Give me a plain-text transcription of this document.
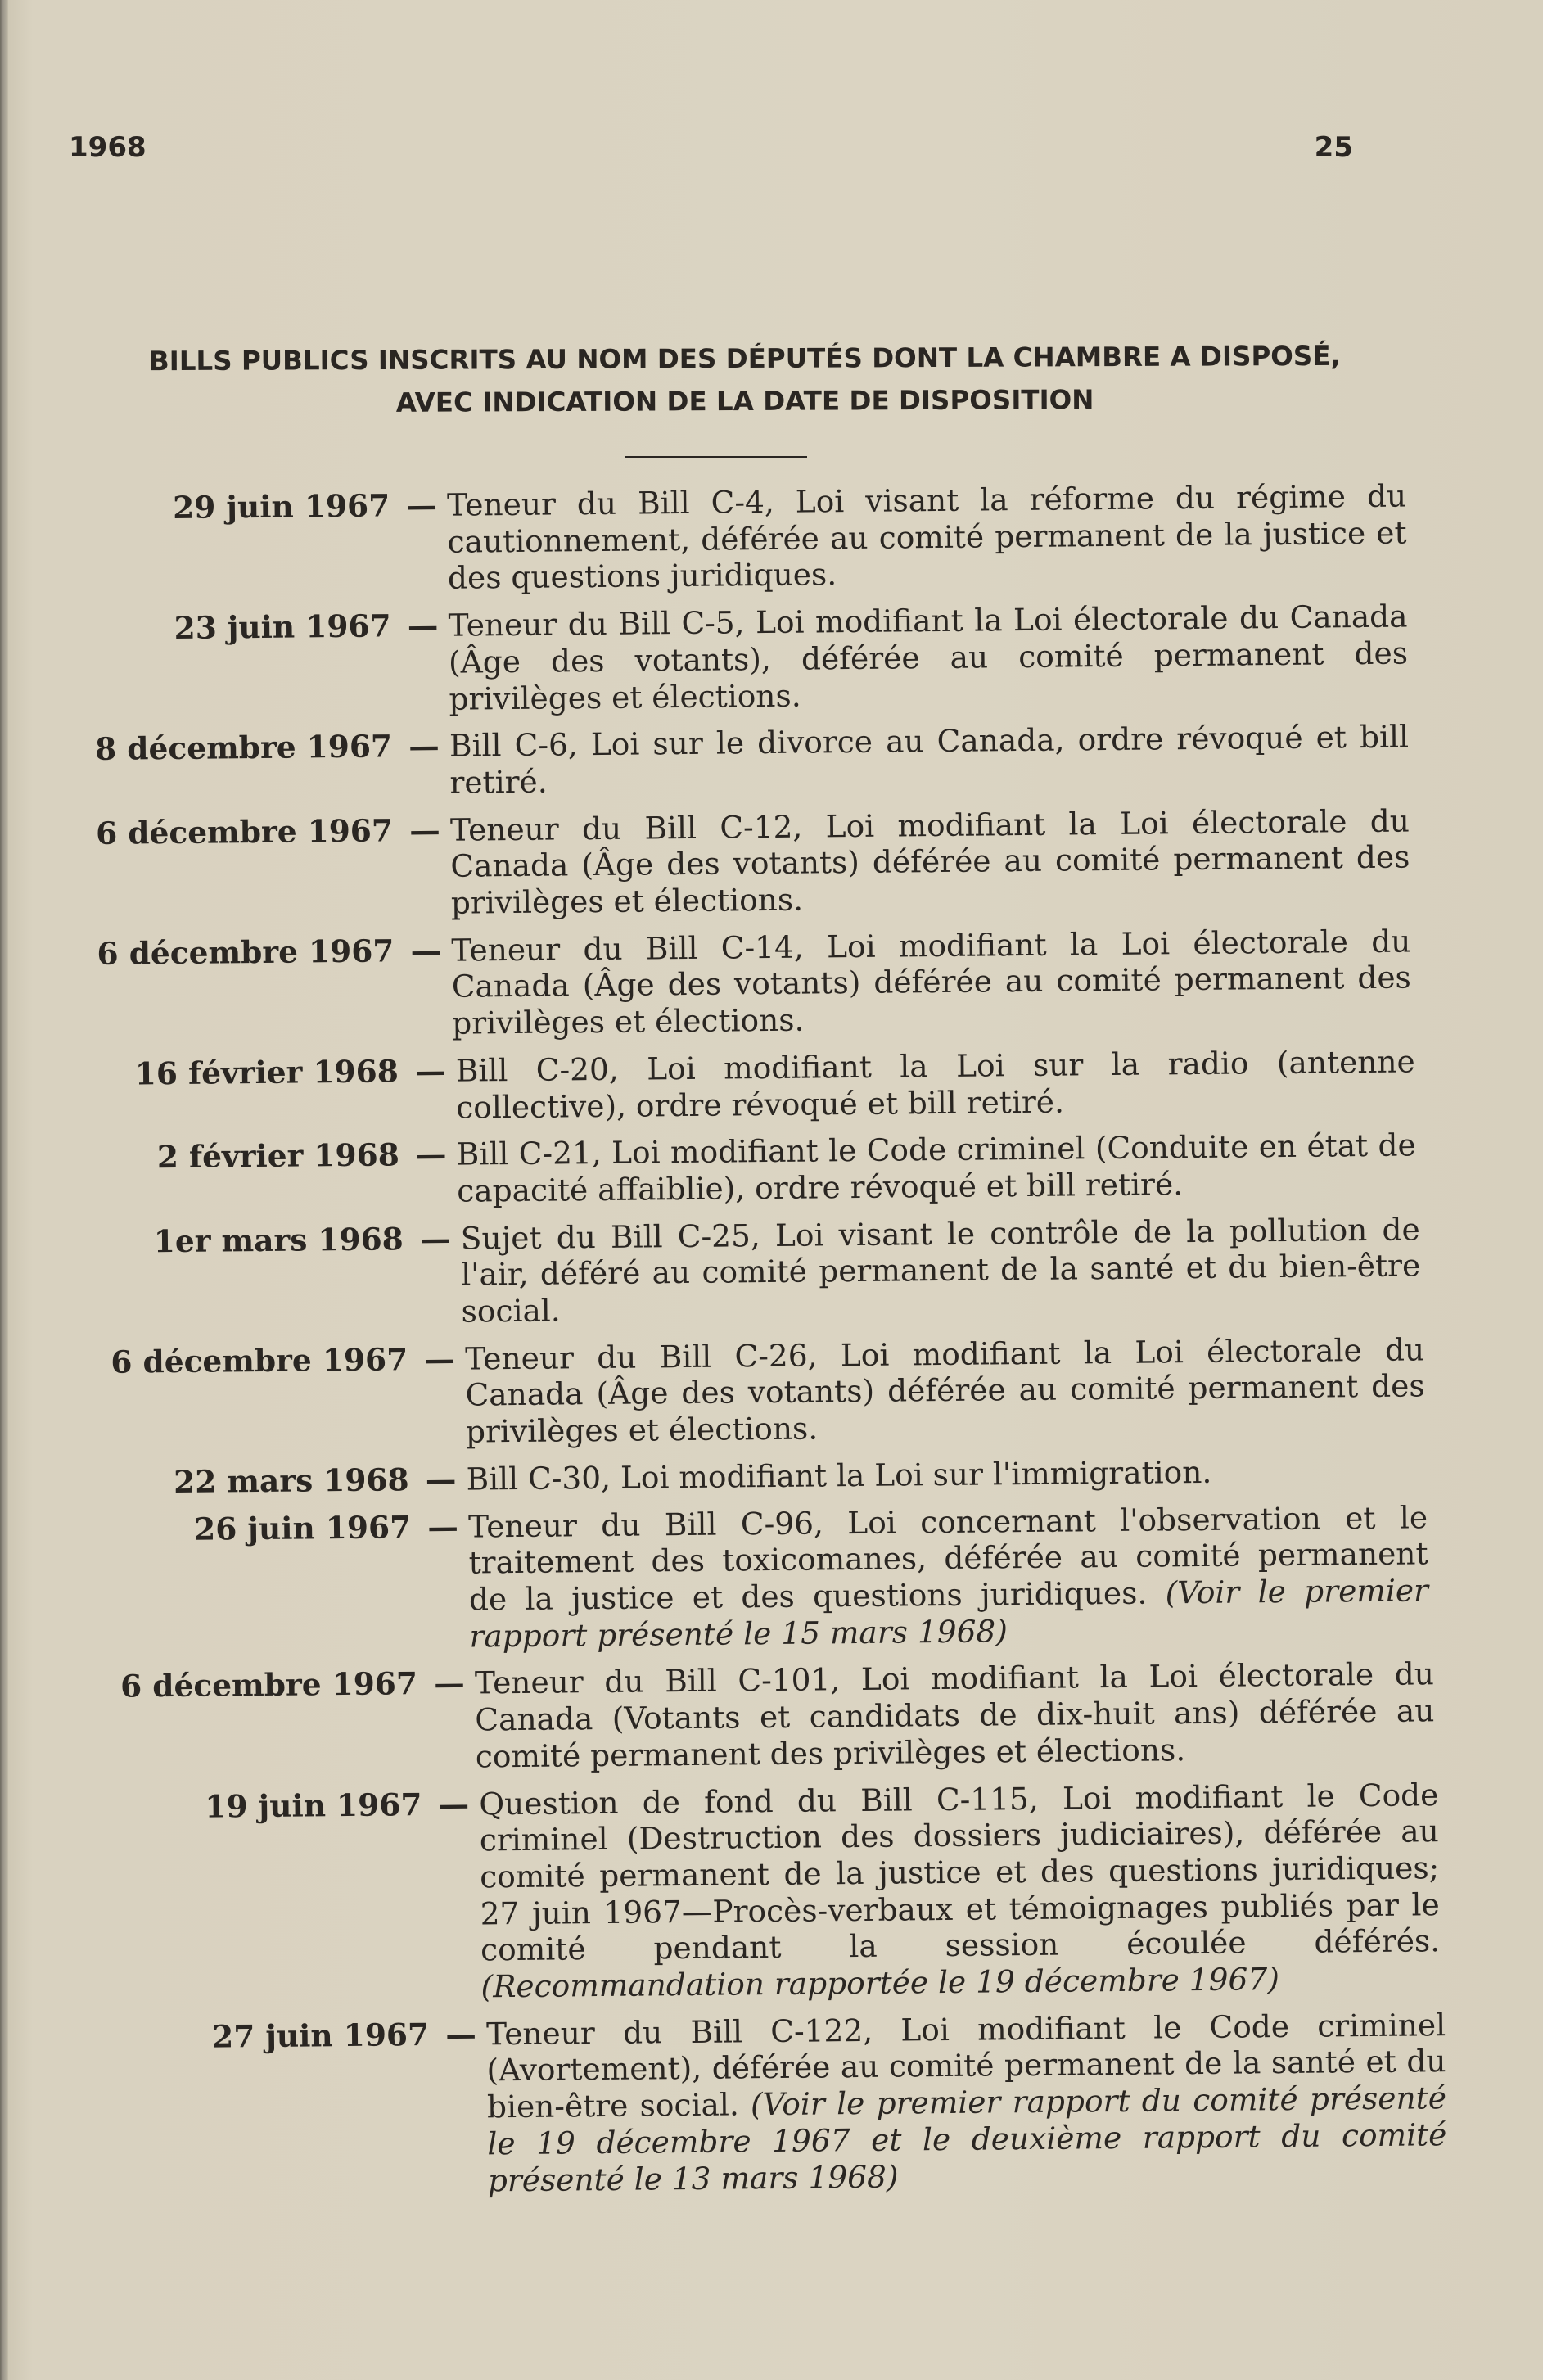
1968	25
BILLS PUBLICS INSCRITS AU NOM DES DÉPUTÉS DONT LA CHAMBRE A DISPOSÉ,
AVEC INDICATION DE LA DATE DE DISPOSITION
29 juin 1967 — Teneur du Bill C-4, Loi visant la réforme du régime du cautionnement, déférée au comité permanent de la justice et des questions juridiques.
23 juin 1967 — Teneur du Bill C-5, Loi modifiant la Loi électorale du Canada (Âge des votants), déférée au comité permanent des privilèges et élections.
8 décembre 1967 — Bill C-6, Loi sur le divorce au Canada, ordre révoqué et bill retiré.
6 décembre 1967 — Teneur du Bill C-12, Loi modifiant la Loi électorale du Canada (Âge des votants) déférée au comité permanent des privilèges et élections.
6 décembre 1967 — Teneur du Bill C-14, Loi modifiant la Loi électorale du Canada (Âge des votants) déférée au comité permanent des privilèges et élections.
16 février 1968 — Bill C-20, Loi modifiant la Loi sur la radio (antenne collective), ordre révoqué et bill retiré.
2 février 1968 — Bill C-21, Loi modifiant le Code criminel (Conduite en état de capacité affaiblie), ordre révoqué et bill retiré.
1er mars 1968 — Sujet du Bill C-25, Loi visant le contrôle de la pollution de l'air, déféré au comité permanent de la santé et du bien-être social.
6 décembre 1967 — Teneur du Bill C-26, Loi modifiant la Loi électorale du Canada (Âge des votants) déférée au comité permanent des privilèges et élections.
22 mars 1968 — Bill C-30, Loi modifiant la Loi sur l'immigration.
26 juin 1967 — Teneur du Bill C-96, Loi concernant l'observation et le traitement des toxicomanes, déférée au comité permanent de la justice et des questions juridiques. (Voir le premier rapport présenté le 15 mars 1968)
6 décembre 1967 — Teneur du Bill C-101, Loi modifiant la Loi électorale du Canada (Votants et candidats de dix-huit ans) déférée au comité permanent des privilèges et élections.
19 juin 1967 — Question de fond du Bill C-115, Loi modifiant le Code criminel (Destruction des dossiers judiciaires), déférée au comité permanent de la justice et des questions juridiques; 27 juin 1967—Procès-verbaux et témoignages publiés par le comité pendant la session écoulée déférés. (Recommandation rapportée le 19 décembre 1967)
27 juin 1967 — Teneur du Bill C-122, Loi modifiant le Code criminel (Avortement), déférée au comité permanent de la santé et du bien-être social. (Voir le premier rapport du comité présenté le 19 décembre 1967 et le deuxième rapport du comité présenté le 13 mars 1968)
